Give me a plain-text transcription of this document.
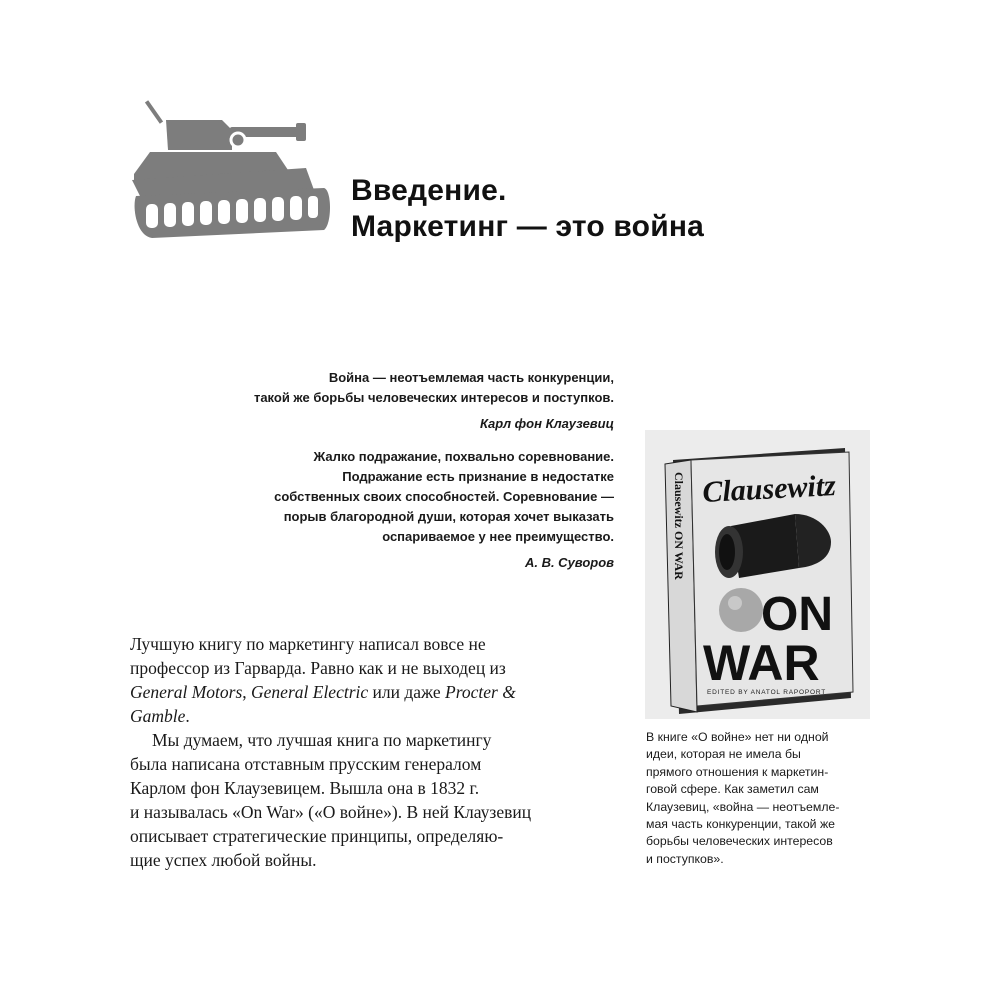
Введение.
Маркетинг — это война
Война — неотъемлемая часть конкуренции,
такой же борьбы человеческих интересов и поступков.
Карл фон Клаузевиц
Жалко подражание, похвально соревнование.
Подражание есть признание в недостатке
собственных своих способностей. Соревнование —
порыв благородной души, которая хочет выказать
оспариваемое у нее преимущество.
А. В. Суворов
Лучшую книгу по маркетингу написал вовсе не
профессор из Гарварда. Равно как и не выходец из
General Motors, General Electric или даже Procter &
Gamble.
Мы думаем, что лучшая книга по маркетингу
была написана отставным прусским генералом
Карлом фон Клаузевицем. Вышла она в 1832 г.
и называлась «On War» («О войне»). В ней Клаузевиц
описывает стратегические принципы, определяю-
щие успех любой войны.
Clausewitz ON WAR Clausewitz
ON
WAR
EDITED BY ANATOL RAPOPORT
В книге «О войне» нет ни одной
идеи, которая не имела бы
прямого отношения к маркетин-
говой сфере. Как заметил сам
Клаузевиц, «война — неотъемле-
мая часть конкуренции, такой же
борьбы человеческих интересов
и поступков».
